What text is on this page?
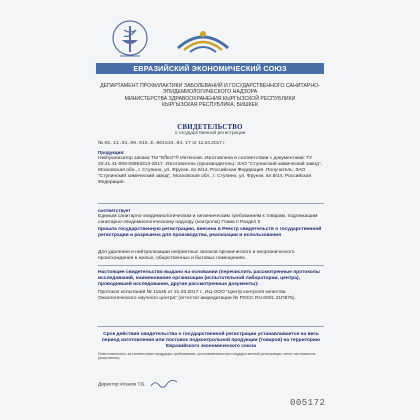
ЕВРАЗИЙСКИЙ ЭКОНОМИЧЕСКИЙ СОЮЗ
ДЕПАРТАМЕНТ ПРОФИЛАКТИКИ ЗАБОЛЕВАНИЙ И ГОСУДАРСТВЕННОГО САНИТАРНО-
ЭПИДЕМИОЛОГИЧЕСКОГО НАДЗОРА
МИНИСТЕРСТВА ЗДРАВООХРАНЕНИЯ КЫРГЫЗСКОЙ РЕСПУБЛИКИ
КЫРГЫЗСКАЯ РЕСПУБЛИКА, БИШКЕК
СВИДЕТЕЛЬСТВО
о государственной регистрации
№ KG.11.01.09.015.E.001534.04.17 от 11.04.2017 г.
Продукция:
Нейтрализатор запаха ТМ "Effect"® Интенсив. Изготовлена в соответствии с документами: ТУ 20.41.41-009-03953313-2017. Изготовитель (производитель): ЗАО "Ступинский химический завод", Московская обл., г. Ступино, ул. Фрунзе, вл.9/14, Российская Федерация. Получатель: ЗАО "Ступинский химический завод", Московская обл., г. Ступино, ул. Фрунзе, вл.9/14, Российская Федерация.
соответствует
Единым санитарно-эпидемиологическим и гигиеническим требованиям к товарам, подлежащим санитарно-эпидемиологическому надзору (контролю) Глава II Раздел 5
прошла государственную регистрацию, внесена в Реестр свидетельств о государственной регистрации и разрешена для производства, реализации и использования
Для удаления и нейтрализации неприятных запахов органического и неорганического происхождения в жилых, общественных и бытовых помещениях.
Настоящее свидетельство выдано на основании (перечислить рассмотренные протоколы исследований, наименование организации (испытательной лаборатории, центра), проводившей исследования, другие рассмотренные документы):
Протокол испытаний № 11545 от 21.03.2017 г., ИЦ ООО "Центр контроля качества Онкологического научного центра" (аттестат аккредитации № РОСС RU.0001.21ПК75).
Срок действия свидетельства о государственной регистрации устанавливается на весь период изготовления или поставок подконтрольной продукции (товаров) на территорию Евразийского экономического союза
Ответственность за соответствие продукции требованиям, установленным при государственной регистрации, несет изготовитель (получатель).
Директор Исаков Т.Б.
005172
